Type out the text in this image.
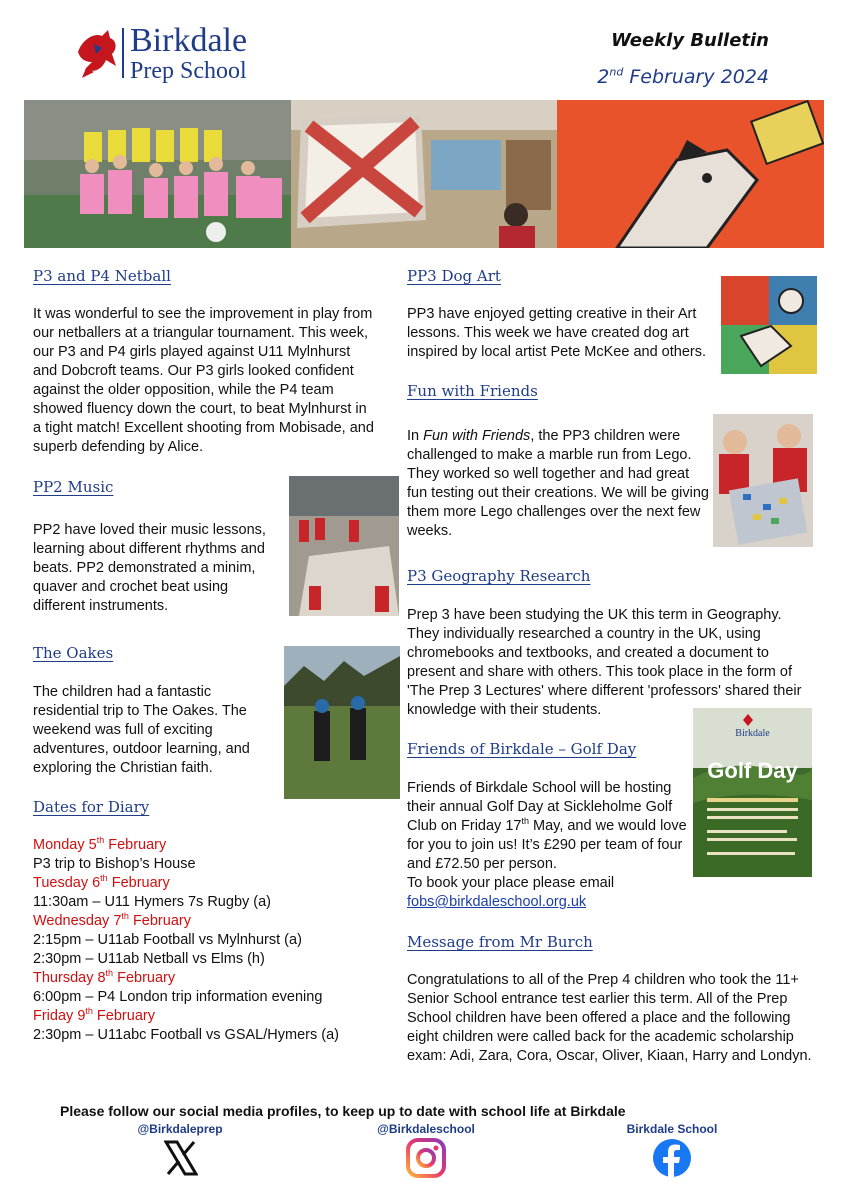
Birkdale
Prep School
Weekly Bulletin
2nd February 2024
P3 and P4 Netball
It was wonderful to see the improvement in play from our netballers at a triangular tournament. This week, our P3 and P4 girls played against U11 Mylnhurst and Dobcroft teams. Our P3 girls looked confident against the older opposition, while the P4 team showed fluency down the court, to beat Mylnhurst in a tight match! Excellent shooting from Mobisade, and superb defending by Alice.
PP2 Music
PP2 have loved their music lessons, learning about different rhythms and beats. PP2 demonstrated a minim, quaver and crochet beat using different instruments.
The Oakes
The children had a fantastic residential trip to The Oakes. The weekend was full of exciting adventures, outdoor learning, and exploring the Christian faith.
Dates for Diary
Monday 5th February
P3 trip to Bishop’s House
Tuesday 6th February
11:30am – U11 Hymers 7s Rugby (a)
Wednesday 7th February
2:15pm – U11ab Football vs Mylnhurst (a)
2:30pm – U11ab Netball vs Elms (h)
Thursday 8th February
6:00pm – P4 London trip information evening
Friday 9th February
2:30pm – U11abc Football vs GSAL/Hymers (a)
PP3 Dog Art
PP3 have enjoyed getting creative in their Art lessons. This week we have created dog art inspired by local artist Pete McKee and others.
Fun with Friends
In Fun with Friends, the PP3 children were challenged to make a marble run from Lego. They worked so well together and had great fun testing out their creations. We will be giving them more Lego challenges over the next few weeks.
P3 Geography Research
Prep 3 have been studying the UK this term in Geography. They individually researched a country in the UK, using chromebooks and textbooks, and created a document to present and share with others. This took place in the form of 'The Prep 3 Lectures' where different 'professors' shared their knowledge with their students.
Friends of Birkdale – Golf Day
Friends of Birkdale School will be hosting their annual Golf Day at Sickleholme Golf Club on Friday 17th May, and we would love for you to join us! It’s £290 per team of four and £72.50 per person.
To book your place please email
fobs@birkdaleschool.org.uk
Birkdale
Golf Day
Message from Mr Burch
Congratulations to all of the Prep 4 children who took the 11+ Senior School entrance test earlier this term. All of the Prep School children have been offered a place and the following eight children were called back for the academic scholarship exam: Adi, Zara, Cora, Oscar, Oliver, Kiaan, Harry and Londyn.
Please follow our social media profiles, to keep up to date with school life at Birkdale
@Birkdaleprep	@Birkdaleschool	Birkdale School
